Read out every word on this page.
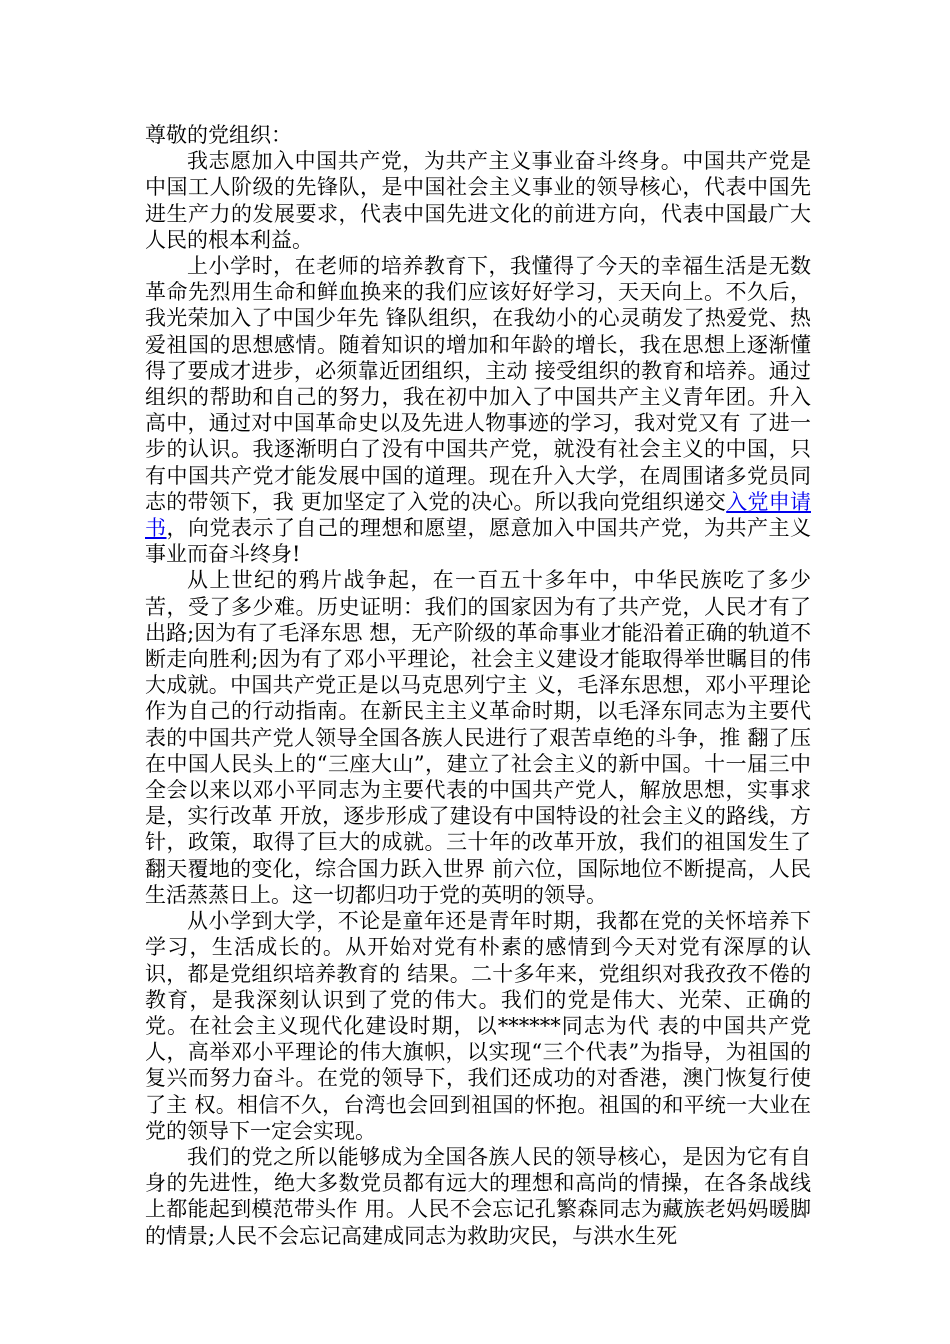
尊敬的党组织：

我志愿加入中国共产党，为共产主义事业奋斗终身。中国共产党是中国工人阶级的先锋队，是中国社会主义事业的领导核心，代表中国先进生产力的发展要求，代表中国先进文化的前进方向，代表中国最广大人民的根本利益。

上小学时，在老师的培养教育下，我懂得了今天的幸福生活是无数革命先烈用生命和鲜血换来的我们应该好好学习，天天向上。不久后，我光荣加入了中国少年先 锋队组织，在我幼小的心灵萌发了热爱党、热爱祖国的思想感情。随着知识的增加和年龄的增长，我在思想上逐渐懂得了要成才进步，必须靠近团组织，主动 接受组织的教育和培养。通过组织的帮助和自己的努力，我在初中加入了中国共产主义青年团。升入高中，通过对中国革命史以及先进人物事迹的学习，我对党又有 了进一步的认识。我逐渐明白了没有中国共产党，就没有社会主义的中国，只有中国共产党才能发展中国的道理。现在升入大学，在周围诸多党员同志的带领下，我 更加坚定了入党的决心。所以我向党组织递交入党申请书，向党表示了自己的理想和愿望，愿意加入中国共产党，为共产主义事业而奋斗终身!

从上世纪的鸦片战争起，在一百五十多年中，中华民族吃了多少苦，受了多少难。历史证明：我们的国家因为有了共产党，人民才有了出路;因为有了毛泽东思 想，无产阶级的革命事业才能沿着正确的轨道不断走向胜利;因为有了邓小平理论，社会主义建设才能取得举世瞩目的伟大成就。中国共产党正是以马克思列宁主 义，毛泽东思想，邓小平理论作为自己的行动指南。在新民主主义革命时期，以毛泽东同志为主要代表的中国共产党人领导全国各族人民进行了艰苦卓绝的斗争，推 翻了压在中国人民头上的“三座大山”，建立了社会主义的新中国。十一届三中全会以来以邓小平同志为主要代表的中国共产党人，解放思想，实事求是，实行改革 开放，逐步形成了建设有中国特设的社会主义的路线，方针，政策，取得了巨大的成就。三十年的改革开放，我们的祖国发生了翻天覆地的变化，综合国力跃入世界 前六位，国际地位不断提高，人民生活蒸蒸日上。这一切都归功于党的英明的领导。

从小学到大学，不论是童年还是青年时期，我都在党的关怀培养下学习，生活成长的。从开始对党有朴素的感情到今天对党有深厚的认识，都是党组织培养教育的 结果。二十多年来，党组织对我孜孜不倦的教育，是我深刻认识到了党的伟大。我们的党是伟大、光荣、正确的党。在社会主义现代化建设时期，以******同志为代 表的中国共产党人，高举邓小平理论的伟大旗帜，以实现“三个代表”为指导，为祖国的复兴而努力奋斗。在党的领导下，我们还成功的对香港，澳门恢复行使了主 权。相信不久，台湾也会回到祖国的怀抱。祖国的和平统一大业在党的领导下一定会实现。

我们的党之所以能够成为全国各族人民的领导核心，是因为它有自身的先进性，绝大多数党员都有远大的理想和高尚的情操，在各条战线上都能起到模范带头作 用。人民不会忘记孔繁森同志为藏族老妈妈暖脚的情景;人民不会忘记高建成同志为救助灾民，与洪水生死
